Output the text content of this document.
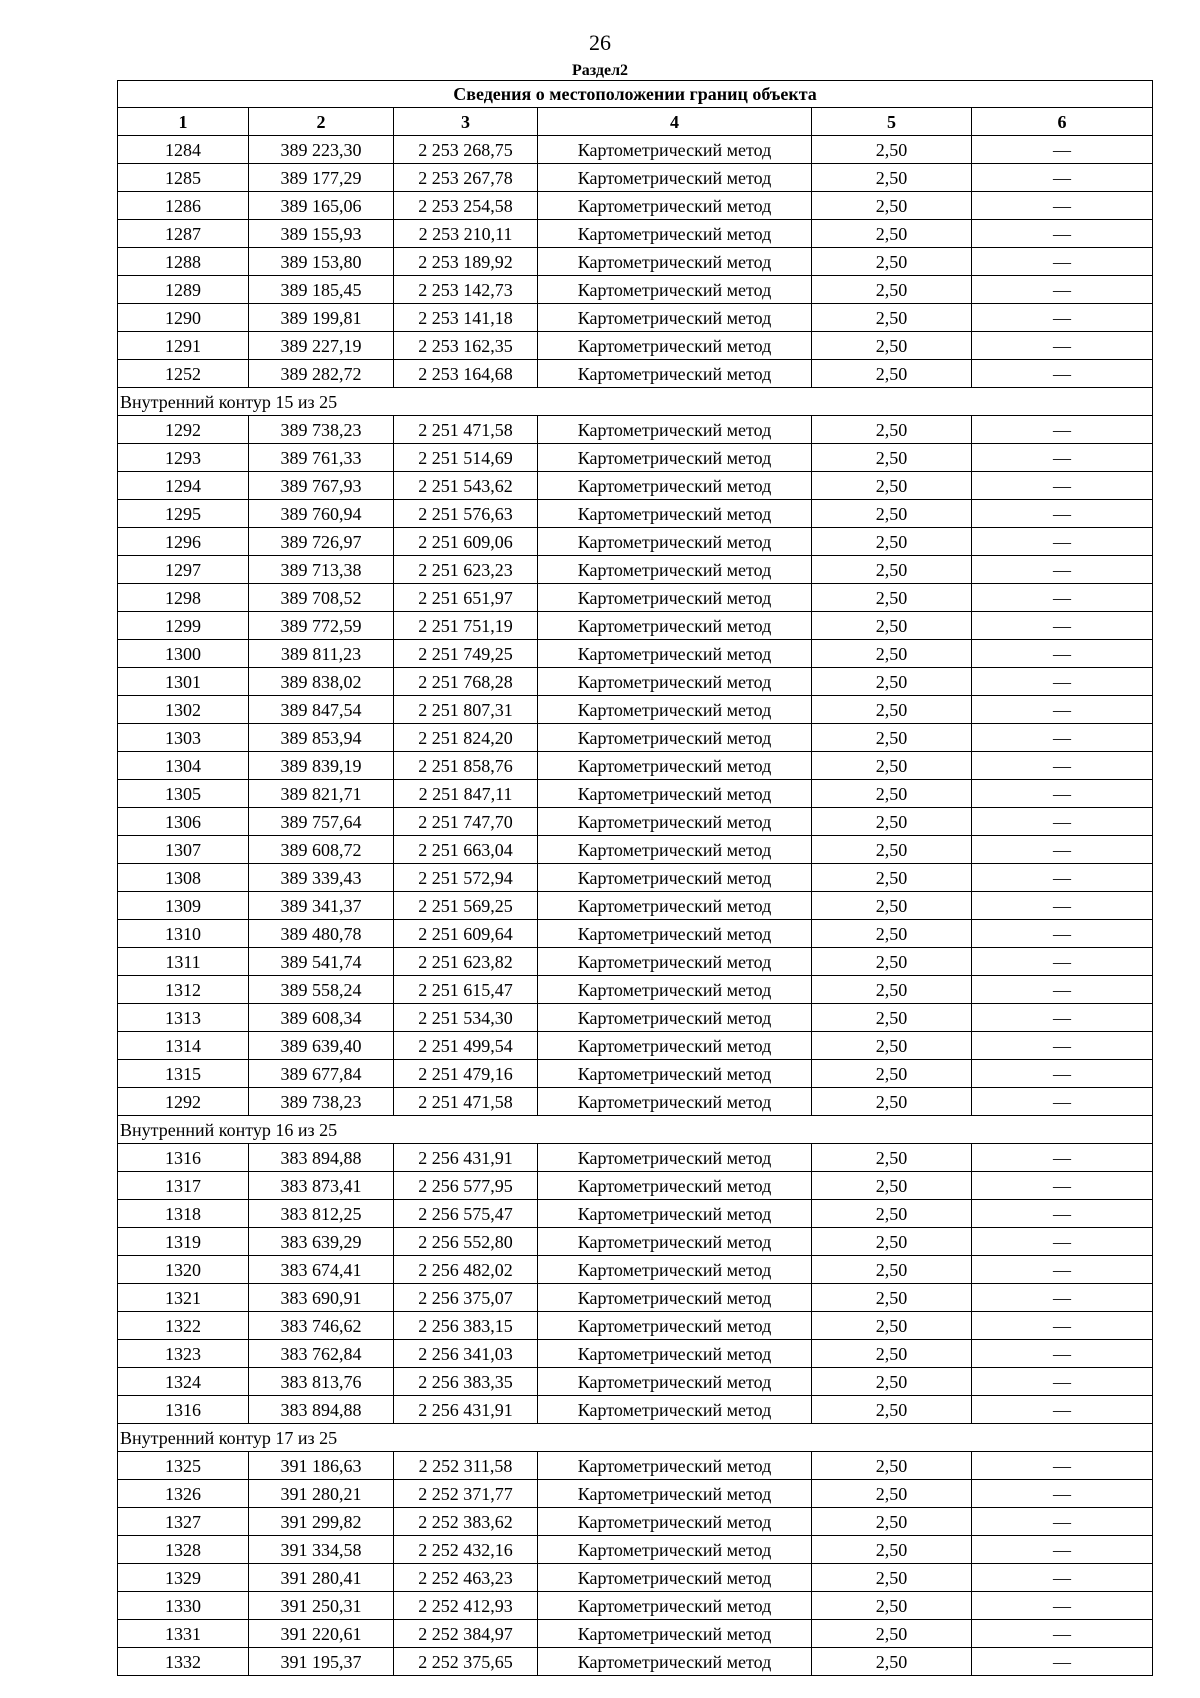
26
Раздел2
Сведения о местоположении границ объекта					
1	2	3	4	5	6
1284	389 223,30	2 253 268,75	Картометрический метод	2,50	—
1285	389 177,29	2 253 267,78	Картометрический метод	2,50	—
1286	389 165,06	2 253 254,58	Картометрический метод	2,50	—
1287	389 155,93	2 253 210,11	Картометрический метод	2,50	—
1288	389 153,80	2 253 189,92	Картометрический метод	2,50	—
1289	389 185,45	2 253 142,73	Картометрический метод	2,50	—
1290	389 199,81	2 253 141,18	Картометрический метод	2,50	—
1291	389 227,19	2 253 162,35	Картометрический метод	2,50	—
1252	389 282,72	2 253 164,68	Картометрический метод	2,50	—
Внутренний контур 15 из 25					
1292	389 738,23	2 251 471,58	Картометрический метод	2,50	—
1293	389 761,33	2 251 514,69	Картометрический метод	2,50	—
1294	389 767,93	2 251 543,62	Картометрический метод	2,50	—
1295	389 760,94	2 251 576,63	Картометрический метод	2,50	—
1296	389 726,97	2 251 609,06	Картометрический метод	2,50	—
1297	389 713,38	2 251 623,23	Картометрический метод	2,50	—
1298	389 708,52	2 251 651,97	Картометрический метод	2,50	—
1299	389 772,59	2 251 751,19	Картометрический метод	2,50	—
1300	389 811,23	2 251 749,25	Картометрический метод	2,50	—
1301	389 838,02	2 251 768,28	Картометрический метод	2,50	—
1302	389 847,54	2 251 807,31	Картометрический метод	2,50	—
1303	389 853,94	2 251 824,20	Картометрический метод	2,50	—
1304	389 839,19	2 251 858,76	Картометрический метод	2,50	—
1305	389 821,71	2 251 847,11	Картометрический метод	2,50	—
1306	389 757,64	2 251 747,70	Картометрический метод	2,50	—
1307	389 608,72	2 251 663,04	Картометрический метод	2,50	—
1308	389 339,43	2 251 572,94	Картометрический метод	2,50	—
1309	389 341,37	2 251 569,25	Картометрический метод	2,50	—
1310	389 480,78	2 251 609,64	Картометрический метод	2,50	—
1311	389 541,74	2 251 623,82	Картометрический метод	2,50	—
1312	389 558,24	2 251 615,47	Картометрический метод	2,50	—
1313	389 608,34	2 251 534,30	Картометрический метод	2,50	—
1314	389 639,40	2 251 499,54	Картометрический метод	2,50	—
1315	389 677,84	2 251 479,16	Картометрический метод	2,50	—
1292	389 738,23	2 251 471,58	Картометрический метод	2,50	—
Внутренний контур 16 из 25					
1316	383 894,88	2 256 431,91	Картометрический метод	2,50	—
1317	383 873,41	2 256 577,95	Картометрический метод	2,50	—
1318	383 812,25	2 256 575,47	Картометрический метод	2,50	—
1319	383 639,29	2 256 552,80	Картометрический метод	2,50	—
1320	383 674,41	2 256 482,02	Картометрический метод	2,50	—
1321	383 690,91	2 256 375,07	Картометрический метод	2,50	—
1322	383 746,62	2 256 383,15	Картометрический метод	2,50	—
1323	383 762,84	2 256 341,03	Картометрический метод	2,50	—
1324	383 813,76	2 256 383,35	Картометрический метод	2,50	—
1316	383 894,88	2 256 431,91	Картометрический метод	2,50	—
Внутренний контур 17 из 25					
1325	391 186,63	2 252 311,58	Картометрический метод	2,50	—
1326	391 280,21	2 252 371,77	Картометрический метод	2,50	—
1327	391 299,82	2 252 383,62	Картометрический метод	2,50	—
1328	391 334,58	2 252 432,16	Картометрический метод	2,50	—
1329	391 280,41	2 252 463,23	Картометрический метод	2,50	—
1330	391 250,31	2 252 412,93	Картометрический метод	2,50	—
1331	391 220,61	2 252 384,97	Картометрический метод	2,50	—
1332	391 195,37	2 252 375,65	Картометрический метод	2,50	—
